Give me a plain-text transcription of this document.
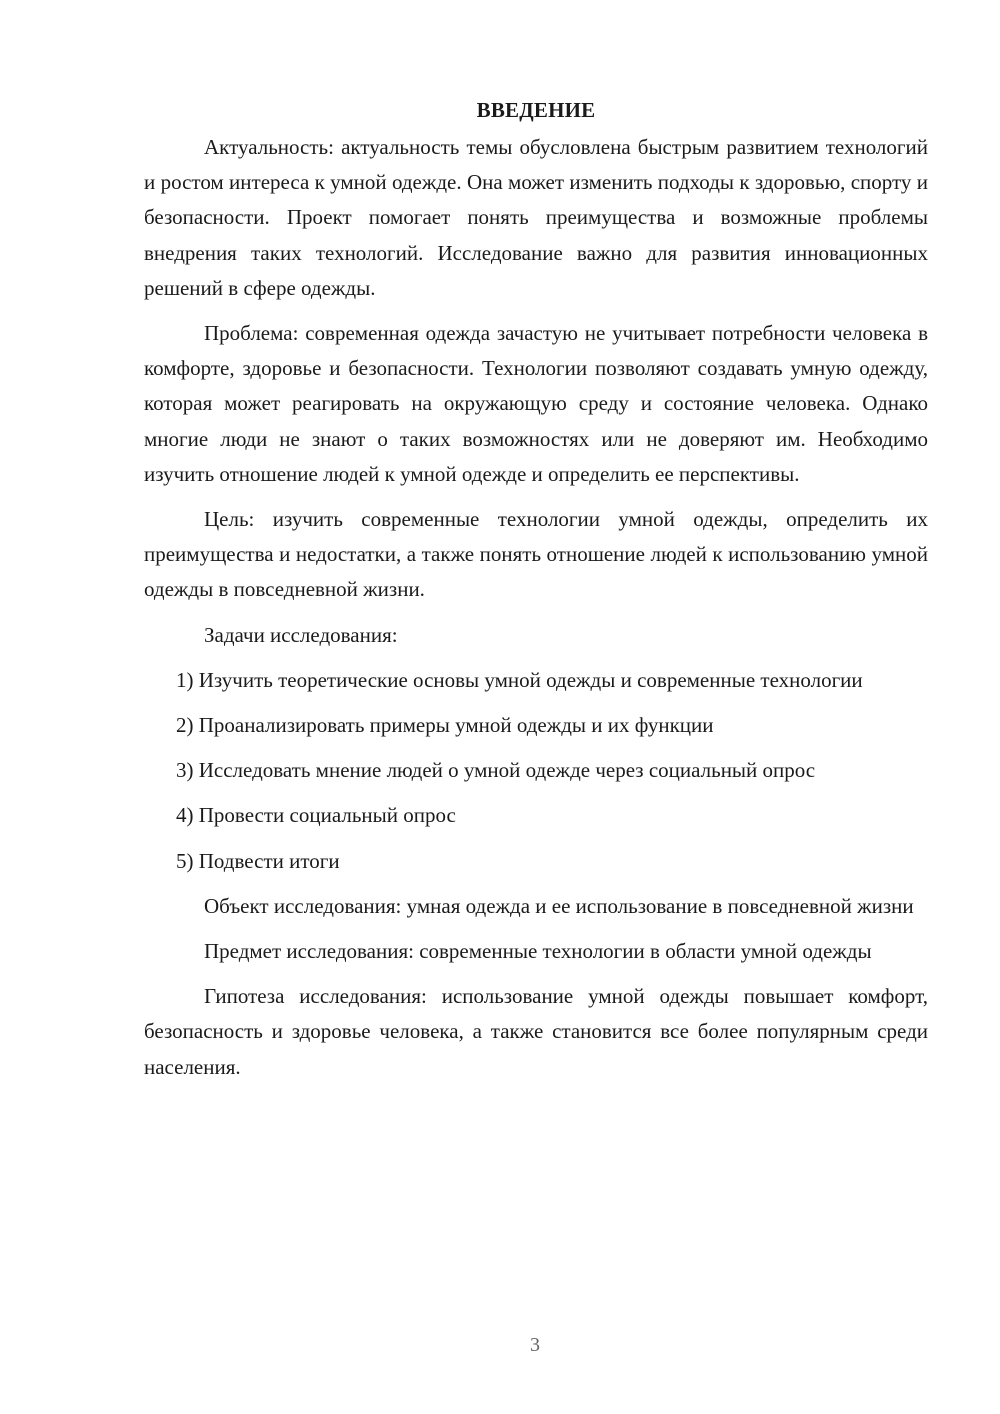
ВВЕДЕНИЕ

Актуальность: актуальность темы обусловлена быстрым развитием технологий и ростом интереса к умной одежде. Она может изменить подходы к здоровью, спорту и безопасности. Проект помогает понять преимущества и возможные проблемы внедрения таких технологий. Исследование важно для развития инновационных решений в сфере одежды.

Проблема: современная одежда зачастую не учитывает потребности человека в комфорте, здоровье и безопасности. Технологии позволяют создавать умную одежду, которая может реагировать на окружающую среду и состояние человека. Однако многие люди не знают о таких возможностях или не доверяют им. Необходимо изучить отношение людей к умной одежде и определить ее перспективы.

Цель: изучить современные технологии умной одежды, определить их преимущества и недостатки, а также понять отношение людей к использованию умной одежды в повседневной жизни.

Задачи исследования:

1) Изучить теоретические основы умной одежды и современные технологии

2) Проанализировать примеры умной одежды и их функции

3) Исследовать мнение людей о умной одежде через социальный опрос

4) Провести социальный опрос

5) Подвести итоги

Объект исследования: умная одежда и ее использование в повседневной жизни

Предмет исследования: современные технологии в области умной одежды

Гипотеза исследования: использование умной одежды повышает комфорт, безопасность и здоровье человека, а также становится все более популярным среди населения.

3
